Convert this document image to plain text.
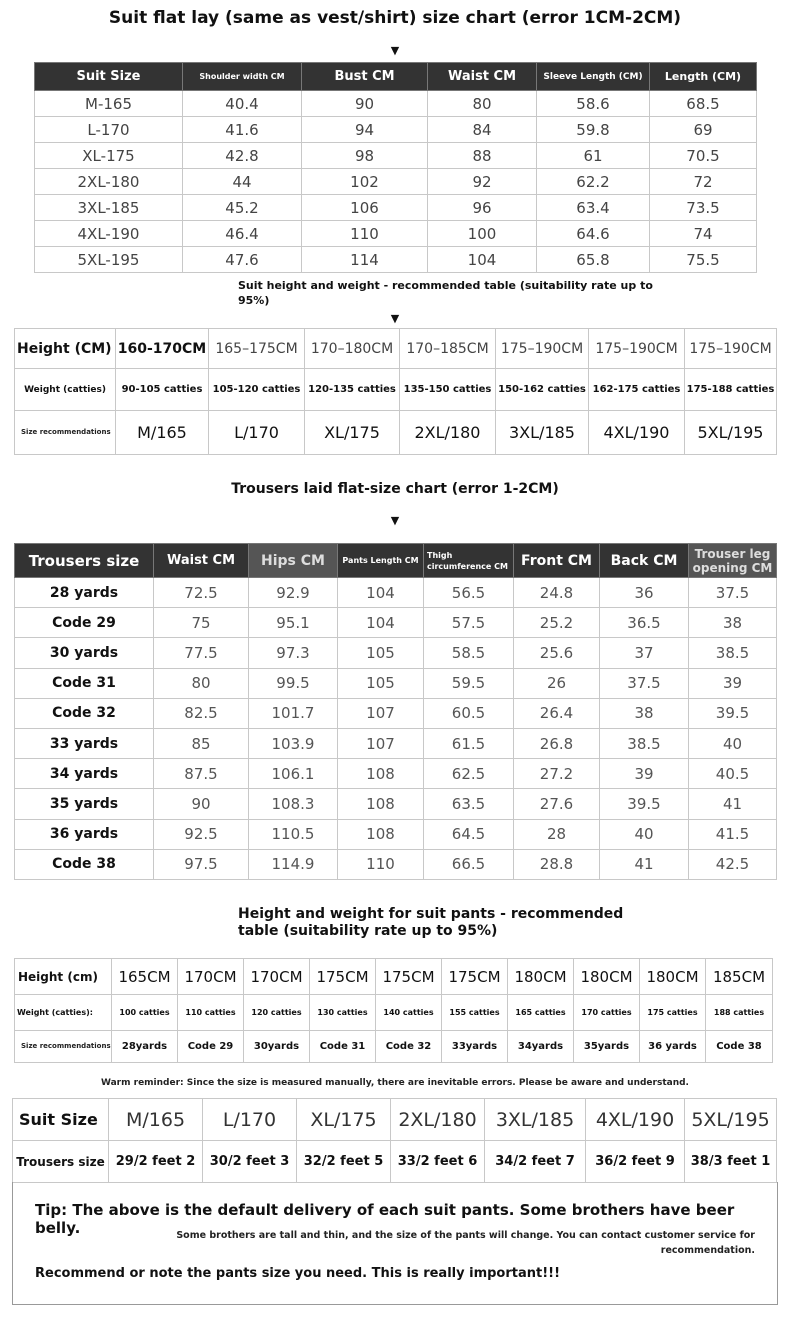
Suit flat lay (same as vest/shirt) size chart (error 1CM-2CM)
▼
Suit Size	Shoulder width CM	Bust CM	Waist CM	Sleeve Length (CM)	Length (CM)
M-165	40.4	90	80	58.6	68.5
L-170	41.6	94	84	59.8	69
XL-175	42.8	98	88	61	70.5
2XL-180	44	102	92	62.2	72
3XL-185	45.2	106	96	63.4	73.5
4XL-190	46.4	110	100	64.6	74
5XL-195	47.6	114	104	65.8	75.5
Suit height and weight - recommended table (suitability rate up to 95%)
▼
Height (CM)	160-170CM	165–175CM	170–180CM	170–185CM	175–190CM	175–190CM	175–190CM
Weight (catties)	90-105 catties	105-120 catties	120-135 catties	135-150 catties	150-162 catties	162-175 catties	175-188 catties
Size recommendations	M/165	L/170	XL/175	2XL/180	3XL/185	4XL/190	5XL/195
Trousers laid flat-size chart (error 1-2CM)
▼
Trousers size	Waist CM	Hips CM	Pants Length CM	Thigh circumference CM	Front CM	Back CM	Trouser leg opening CM
28 yards	72.5	92.9	104	56.5	24.8	36	37.5
Code 29	75	95.1	104	57.5	25.2	36.5	38
30 yards	77.5	97.3	105	58.5	25.6	37	38.5
Code 31	80	99.5	105	59.5	26	37.5	39
Code 32	82.5	101.7	107	60.5	26.4	38	39.5
33 yards	85	103.9	107	61.5	26.8	38.5	40
34 yards	87.5	106.1	108	62.5	27.2	39	40.5
35 yards	90	108.3	108	63.5	27.6	39.5	41
36 yards	92.5	110.5	108	64.5	28	40	41.5
Code 38	97.5	114.9	110	66.5	28.8	41	42.5
Height and weight for suit pants - recommended
table (suitability rate up to 95%)
Height (cm)	165CM	170CM	170CM	175CM	175CM	175CM	180CM	180CM	180CM	185CM
Weight (catties):	100 catties	110 catties	120 catties	130 catties	140 catties	155 catties	165 catties	170 catties	175 catties	188 catties
Size recommendations	28yards	Code 29	30yards	Code 31	Code 32	33yards	34yards	35yards	36 yards	Code 38
Warm reminder: Since the size is measured manually, there are inevitable errors. Please be aware and understand.
Suit Size	M/165	L/170	XL/175	2XL/180	3XL/185	4XL/190	5XL/195
Trousers size	29/2 feet 2	30/2 feet 3	32/2 feet 5	33/2 feet 6	34/2 feet 7	36/2 feet 9	38/3 feet 1
Tip: The above is the default delivery of each suit pants. Some brothers have beer belly.	Some brothers are tall and thin, and the size of the pants will change. You can contact customer service for recommendation.
Recommend or note the pants size you need. This is really important!!!
